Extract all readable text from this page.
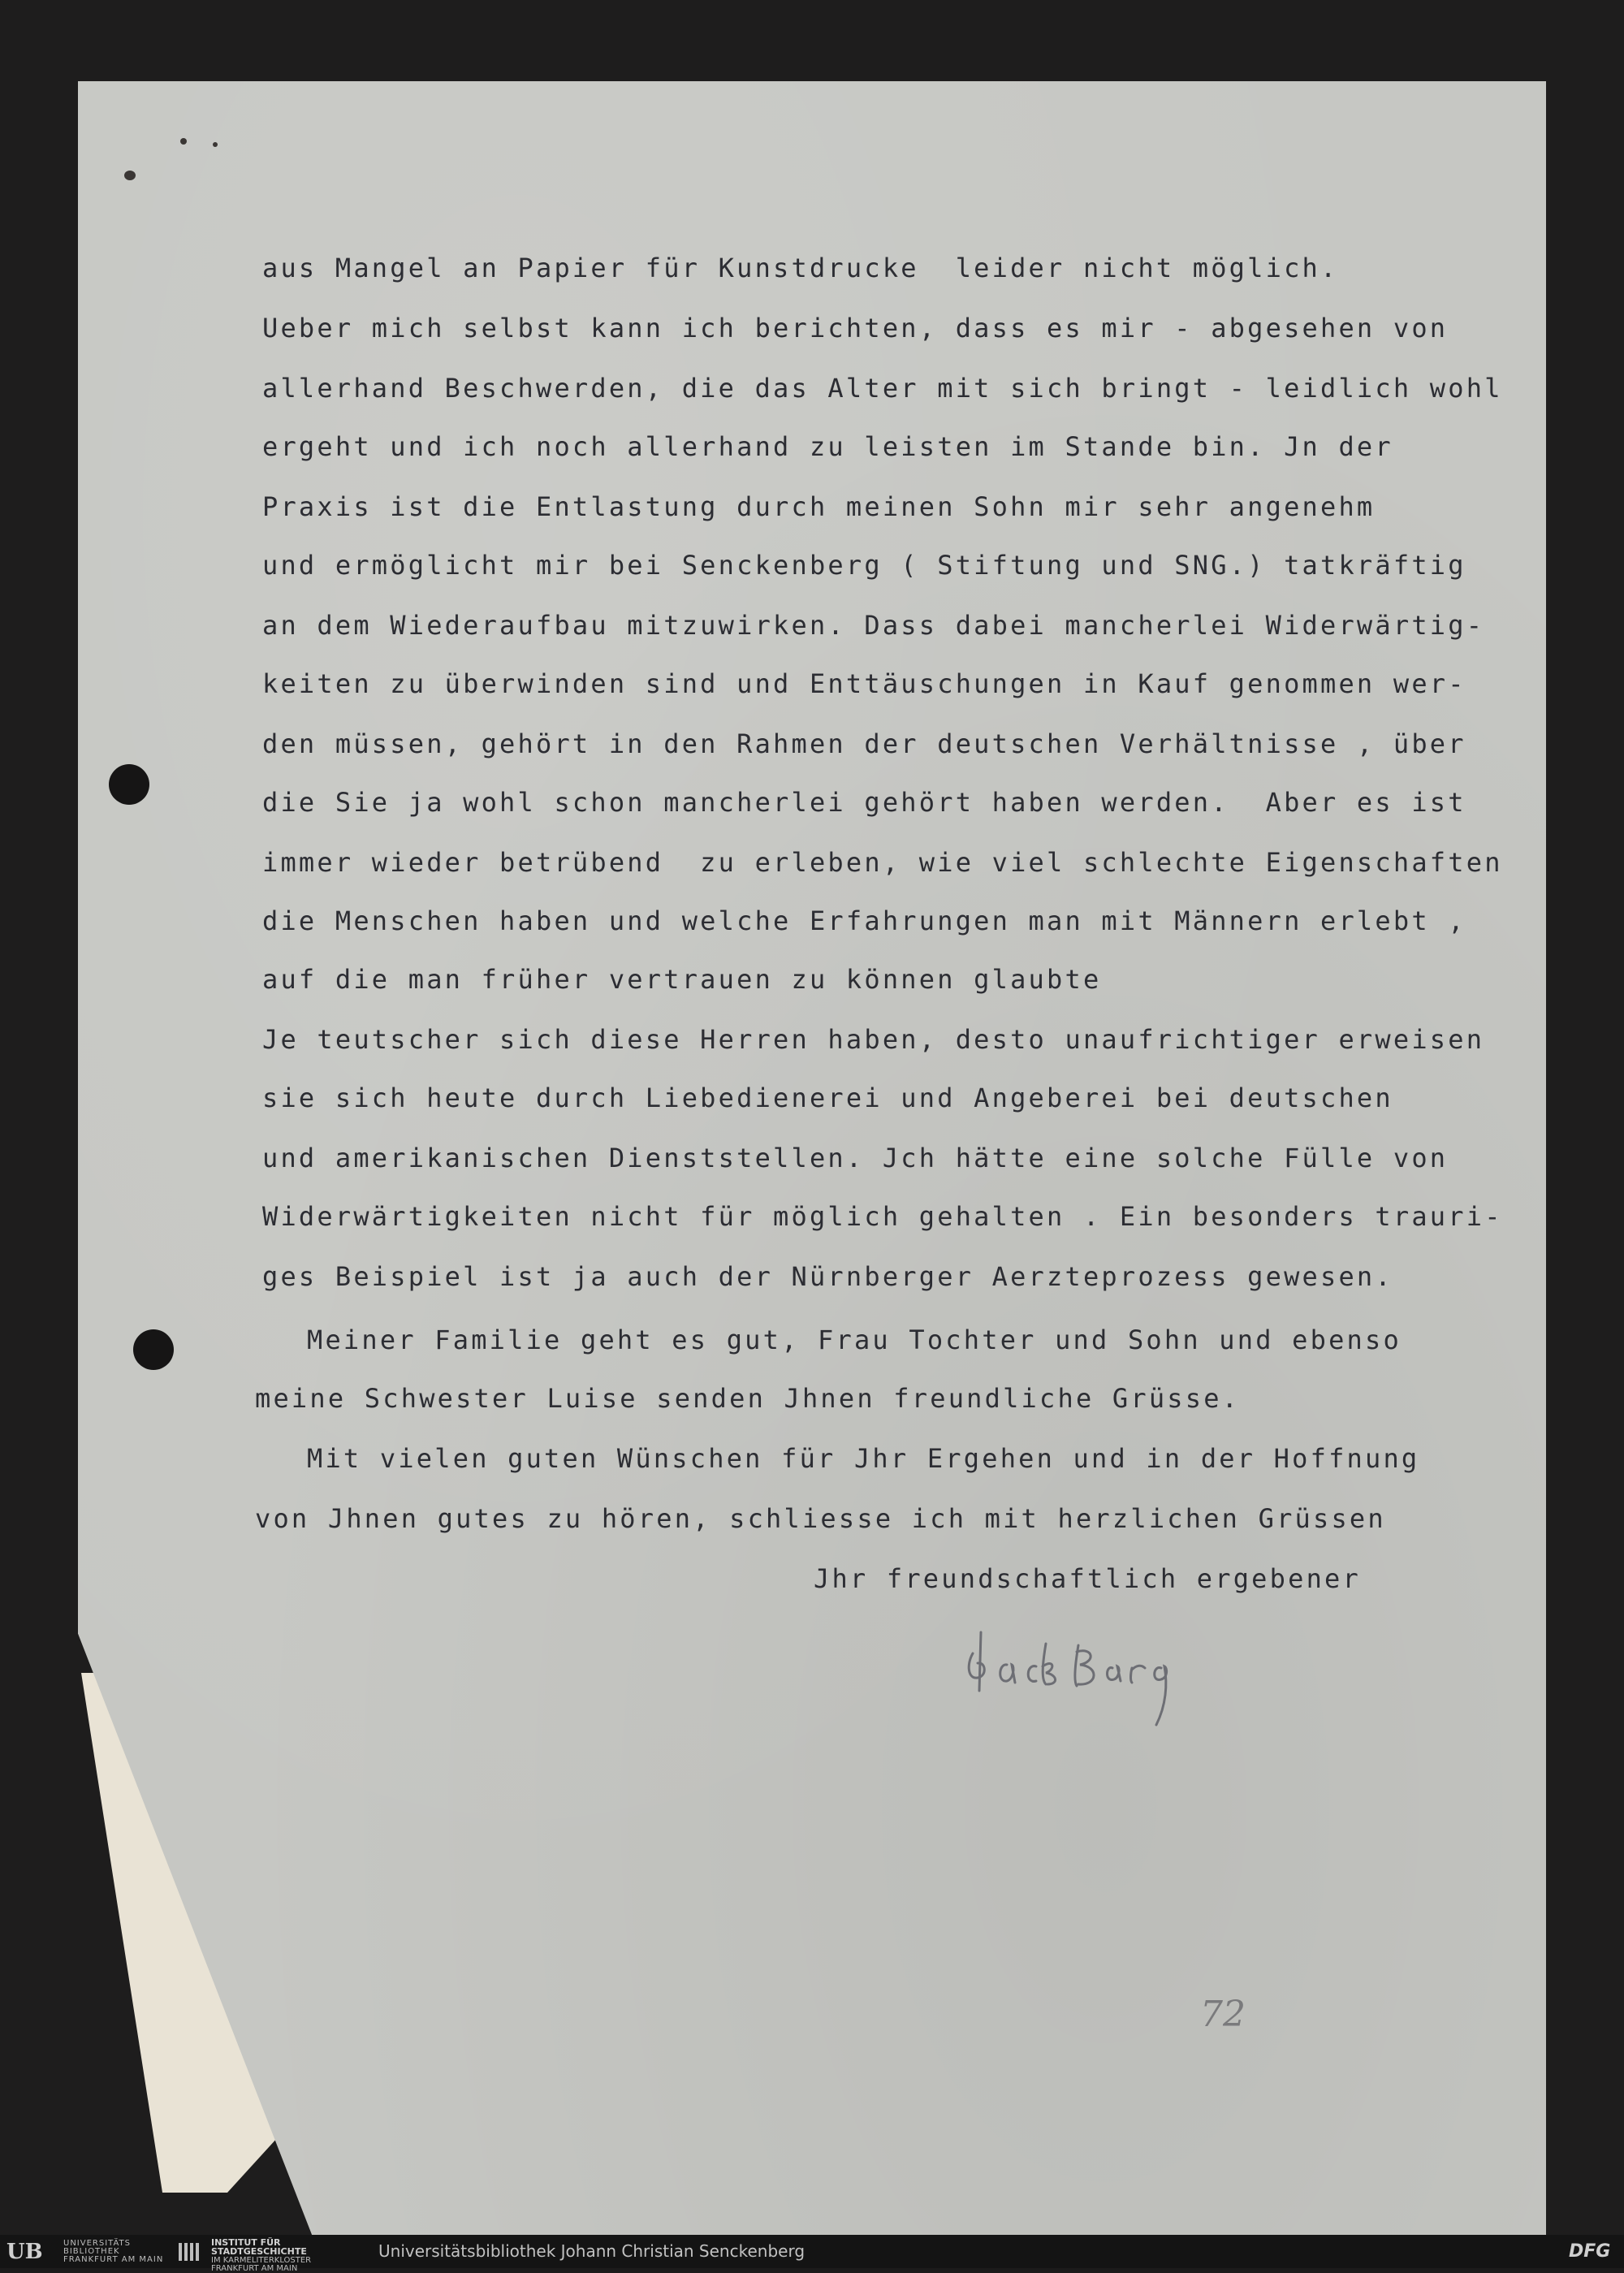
aus Mangel an Papier für Kunstdrucke  leider nicht möglich.
Ueber mich selbst kann ich berichten, dass es mir - abgesehen von
allerhand Beschwerden, die das Alter mit sich bringt - leidlich wohl
ergeht und ich noch allerhand zu leisten im Stande bin. Jn der
Praxis ist die Entlastung durch meinen Sohn mir sehr angenehm
und ermöglicht mir bei Senckenberg ( Stiftung und SNG.) tatkräftig
an dem Wiederaufbau mitzuwirken. Dass dabei mancherlei Widerwärtig-
keiten zu überwinden sind und Enttäuschungen in Kauf genommen wer-
den müssen, gehört in den Rahmen der deutschen Verhältnisse , über
die Sie ja wohl schon mancherlei gehört haben werden.  Aber es ist
immer wieder betrübend  zu erleben, wie viel schlechte Eigenschaften
die Menschen haben und welche Erfahrungen man mit Männern erlebt ,
auf die man früher vertrauen zu können glaubte
Je teutscher sich diese Herren haben, desto unaufrichtiger erweisen
sie sich heute durch Liebedienerei und Angeberei bei deutschen
und amerikanischen Dienststellen. Jch hätte eine solche Fülle von
Widerwärtigkeiten nicht für möglich gehalten . Ein besonders trauri-
ges Beispiel ist ja auch der Nürnberger Aerzteprozess gewesen.
Meiner Familie geht es gut, Frau Tochter und Sohn und ebenso
meine Schwester Luise senden Jhnen freundliche Grüsse.
Mit vielen guten Wünschen für Jhr Ergehen und in der Hoffnung
von Jhnen gutes zu hören, schliesse ich mit herzlichen Grüssen
Jhr freundschaftlich ergebener
72
UB	UNIVERSITÄTS BIBLIOTHEK FRANKFURT AM MAIN
INSTITUT FÜR STADTGESCHICHTE
IM KARMELITERKLOSTER FRANKFURT AM MAIN
Universitätsbibliothek Johann Christian Senckenberg	DFG
